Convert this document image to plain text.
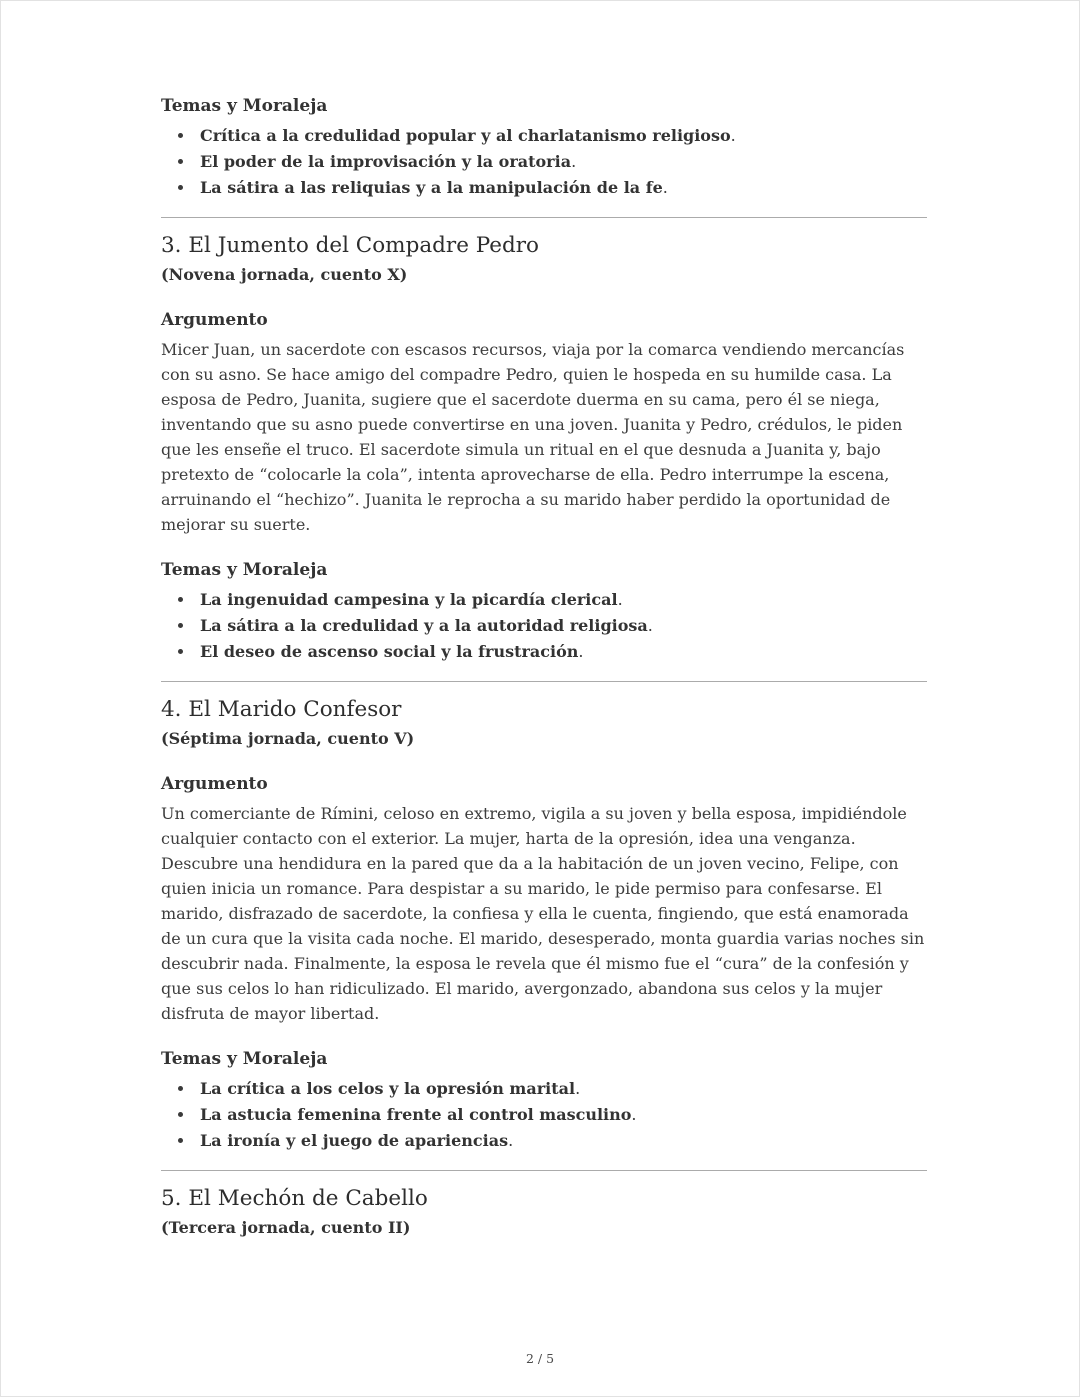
Temas y Moraleja
• Crítica a la credulidad popular y al charlatanismo religioso.
• El poder de la improvisación y la oratoria.
• La sátira a las reliquias y a la manipulación de la fe.
3. El Jumento del Compadre Pedro

(Novena jornada, cuento X)

Argumento

Micer Juan, un sacerdote con escasos recursos, viaja por la comarca vendiendo mercancías con su asno. Se hace amigo del compadre Pedro, quien le hospeda en su humilde casa. La esposa de Pedro, Juanita, sugiere que el sacerdote duerma en su cama, pero él se niega, inventando que su asno puede convertirse en una joven. Juanita y Pedro, crédulos, le piden que les enseñe el truco. El sacerdote simula un ritual en el que desnuda a Juanita y, bajo pretexto de “colocarle la cola”, intenta aprovecharse de ella. Pedro interrumpe la escena, arruinando el “hechizo”. Juanita le reprocha a su marido haber perdido la oportunidad de mejorar su suerte.

Temas y Moraleja
• La ingenuidad campesina y la picardía clerical.
• La sátira a la credulidad y a la autoridad religiosa.
• El deseo de ascenso social y la frustración.
4. El Marido Confesor

(Séptima jornada, cuento V)

Argumento

Un comerciante de Rímini, celoso en extremo, vigila a su joven y bella esposa, impidiéndole cualquier contacto con el exterior. La mujer, harta de la opresión, idea una venganza. Descubre una hendidura en la pared que da a la habitación de un joven vecino, Felipe, con quien inicia un romance. Para despistar a su marido, le pide permiso para confesarse. El marido, disfrazado de sacerdote, la confiesa y ella le cuenta, fingiendo, que está enamorada de un cura que la visita cada noche. El marido, desesperado, monta guardia varias noches sin descubrir nada. Finalmente, la esposa le revela que él mismo fue el “cura” de la confesión y que sus celos lo han ridiculizado. El marido, avergonzado, abandona sus celos y la mujer disfruta de mayor libertad.

Temas y Moraleja
• La crítica a los celos y la opresión marital.
• La astucia femenina frente al control masculino.
• La ironía y el juego de apariencias.
5. El Mechón de Cabello

(Tercera jornada, cuento II)

2 / 5
